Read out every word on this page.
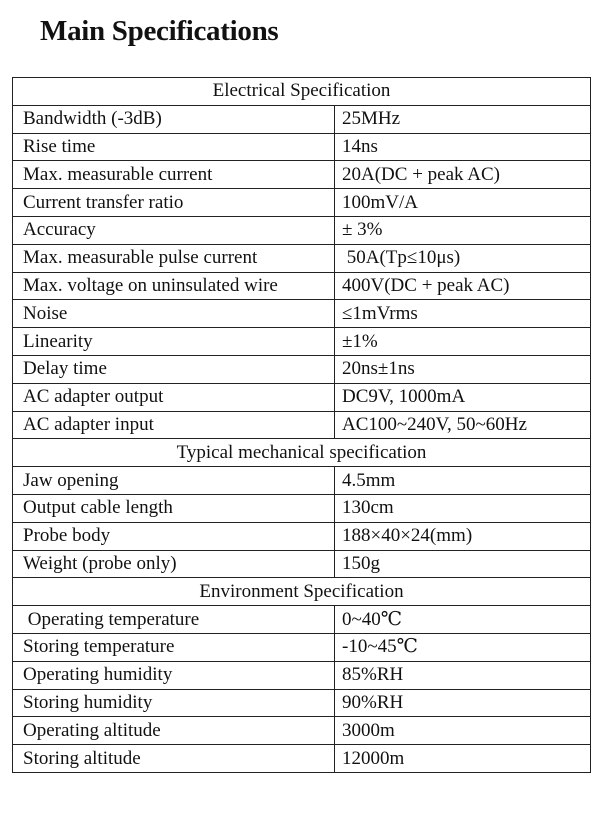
Main Specifications
Electrical Specification	
Bandwidth (-3dB)	25MHz
Rise time	14ns
Max. measurable current	20A(DC + peak AC)
Current transfer ratio	100mV/A
Accuracy	± 3%
Max. measurable pulse current	50A(Tp≤10μs)
Max. voltage on uninsulated wire	400V(DC + peak AC)
Noise	≤1mVrms
Linearity	±1%
Delay time	20ns±1ns
AC adapter output	DC9V, 1000mA
AC adapter input	AC100~240V, 50~60Hz
Typical mechanical specification	
Jaw opening	4.5mm
Output cable length	130cm
Probe body	188×40×24(mm)
Weight (probe only)	150g
Environment Specification	
Operating temperature	0~40℃
Storing temperature	-10~45℃
Operating humidity	85%RH
Storing humidity	90%RH
Operating altitude	3000m
Storing altitude	12000m
